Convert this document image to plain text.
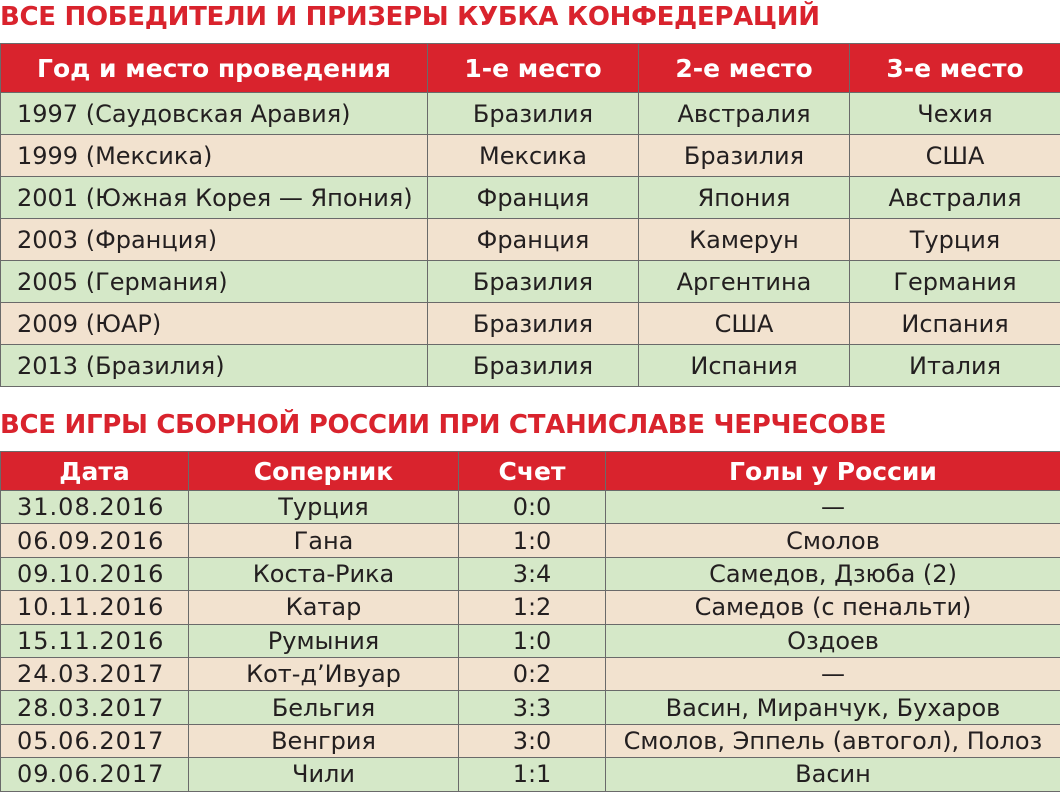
ВСЕ ПОБЕДИТЕЛИ И ПРИЗЕРЫ КУБКА КОНФЕДЕРАЦИЙ
Год и место проведения	1-е место	2-е место	3-е место
1997 (Саудовская Аравия)	Бразилия	Австралия	Чехия
1999 (Мексика)	Мексика	Бразилия	США
2001 (Южная Корея — Япония)	Франция	Япония	Австралия
2003 (Франция)	Франция	Камерун	Турция
2005 (Германия)	Бразилия	Аргентина	Германия
2009 (ЮАР)	Бразилия	США	Испания
2013 (Бразилия)	Бразилия	Испания	Италия
ВСЕ ИГРЫ СБОРНОЙ РОССИИ ПРИ СТАНИСЛАВЕ ЧЕРЧЕСОВЕ
Дата	Соперник	Счет	Голы у России
31.08.2016	Турция	0:0	—
06.09.2016	Гана	1:0	Смолов
09.10.2016	Коста-Рика	3:4	Самедов, Дзюба (2)
10.11.2016	Катар	1:2	Самедов (с пенальти)
15.11.2016	Румыния	1:0	Оздоев
24.03.2017	Кот-д’Ивуар	0:2	—
28.03.2017	Бельгия	3:3	Васин, Миранчук, Бухаров
05.06.2017	Венгрия	3:0	Смолов, Эппель (автогол), Полоз
09.06.2017	Чили	1:1	Васин
